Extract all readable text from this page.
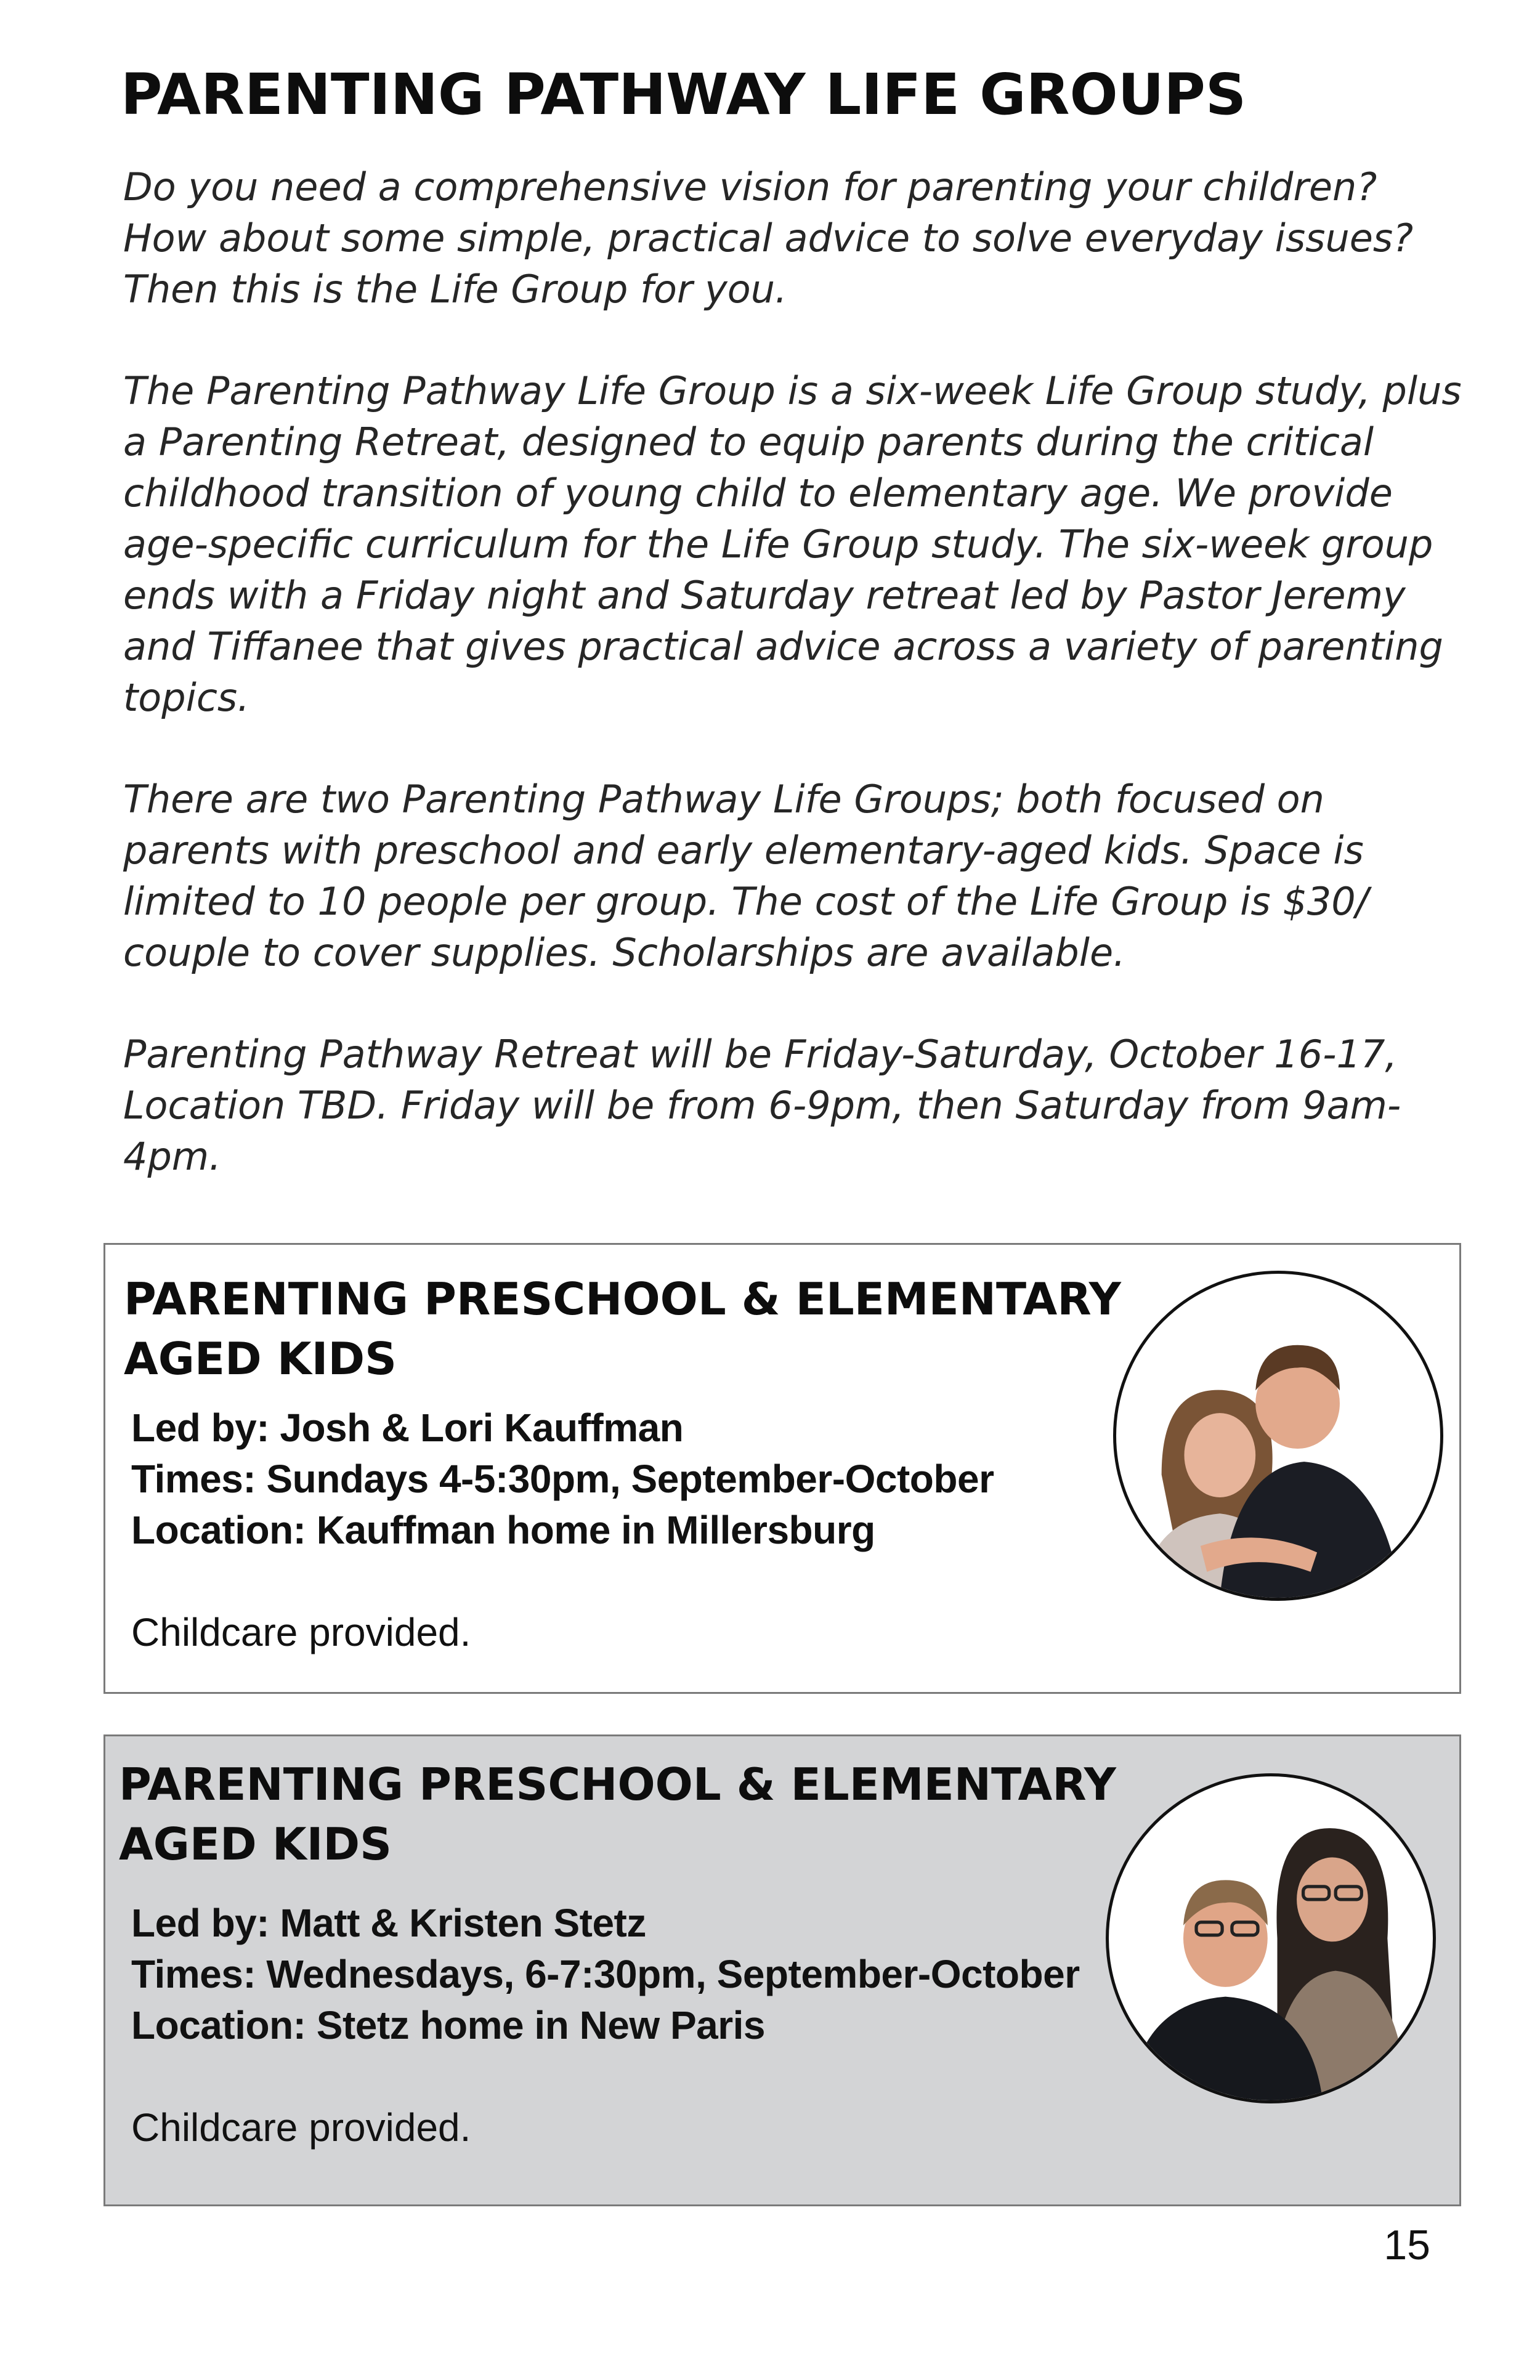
PARENTING PATHWAY LIFE GROUPS

Do you need a comprehensive vision for parenting your children? How about some simple, practical advice to solve everyday issues? Then this is the Life Group for you.

The Parenting Pathway Life Group is a six-week Life Group study, plus a Parenting Retreat, designed to equip parents during the critical childhood transition of young child to elementary age. We provide age-specific curriculum for the Life Group study. The six-week group ends with a Friday night and Saturday retreat led by Pastor Jeremy and Tiffanee that gives practical advice across a variety of parenting topics.

There are two Parenting Pathway Life Groups; both focused on parents with preschool and early elementary-aged kids. Space is limited to 10 people per group. The cost of the Life Group is $30/ couple to cover supplies. Scholarships are available.

Parenting Pathway Retreat will be Friday-Saturday, October 16-17, Location TBD. Friday will be from 6-9pm, then Saturday from 9am-4pm.

PARENTING PRESCHOOL & ELEMENTARY AGED KIDS
Led by: Josh & Lori Kauffman
Times: Sundays 4-5:30pm, September-October
Location: Kauffman home in Millersburg
Childcare provided.
PARENTING PRESCHOOL & ELEMENTARY AGED KIDS
Led by: Matt & Kristen Stetz
Times: Wednesdays, 6-7:30pm, September-October
Location: Stetz home in New Paris
Childcare provided.
15
